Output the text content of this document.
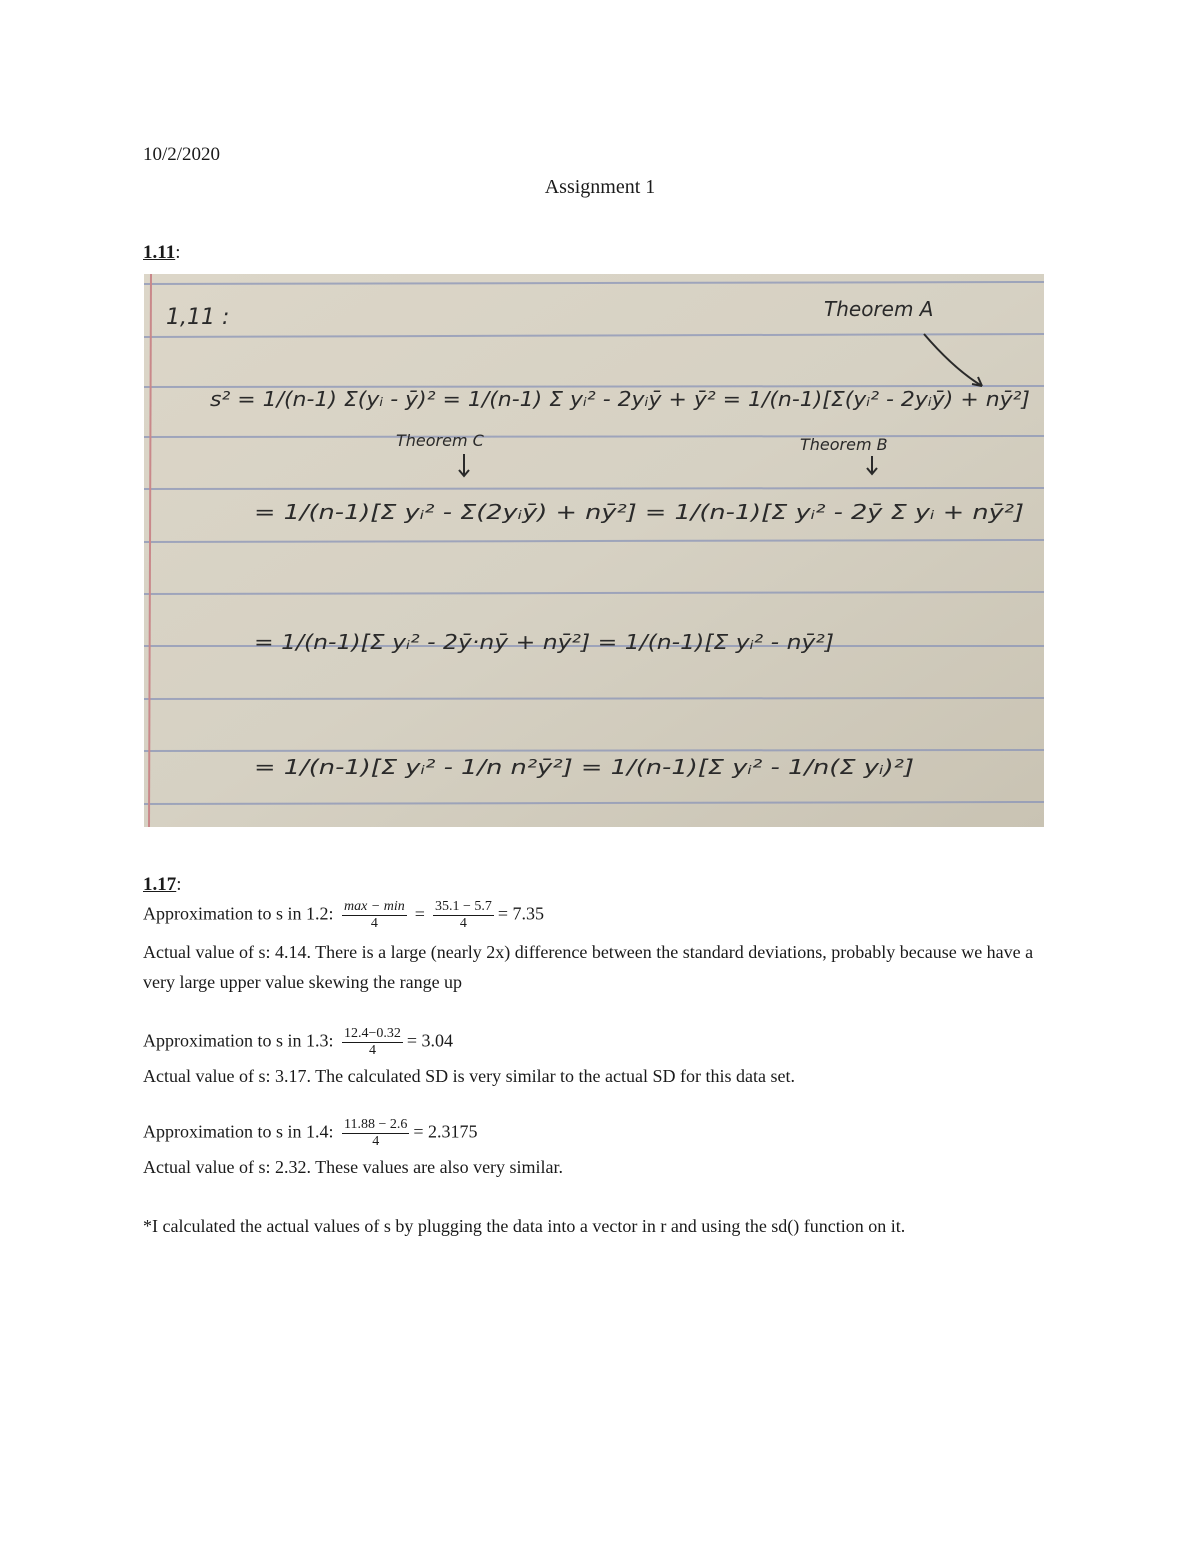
10/2/2020
Assignment 1
1.11:
1,11 :	Theorem A
Theorem C	Theorem B
s² = 1/(n-1) Σ(yᵢ - ȳ)² = 1/(n-1) Σ yᵢ² - 2yᵢȳ + ȳ² = 1/(n-1)[Σ(yᵢ² - 2yᵢȳ) + nȳ²]
= 1/(n-1)[Σ yᵢ² - Σ(2yᵢȳ) + nȳ²] = 1/(n-1)[Σ yᵢ² - 2ȳ Σ yᵢ + nȳ²]
= 1/(n-1)[Σ yᵢ² - 2ȳ·nȳ + nȳ²] = 1/(n-1)[Σ yᵢ² - nȳ²]
= 1/(n-1)[Σ yᵢ² - 1/n n²ȳ²] = 1/(n-1)[Σ yᵢ² - 1/n(Σ yᵢ)²]
1.17:
Approximation to s in 1.2: $\frac{\max - \min}{4} = \frac{35.1 - 5.7}{4} = 7.35$
Actual value of s: 4.14. There is a large (nearly 2x) difference between the standard deviations, probably because we have a very large upper value skewing the range up
Approximation to s in 1.3: $\frac{12.4-0.32}{4} = 3.04$
Actual value of s: 3.17. The calculated SD is very similar to the actual SD for this data set.
Approximation to s in 1.4: $\frac{11.88 - 2.6}{4} = 2.3175$
Actual value of s: 2.32. These values are also very similar.
*I calculated the actual values of s by plugging the data into a vector in r and using the sd() function on it.
